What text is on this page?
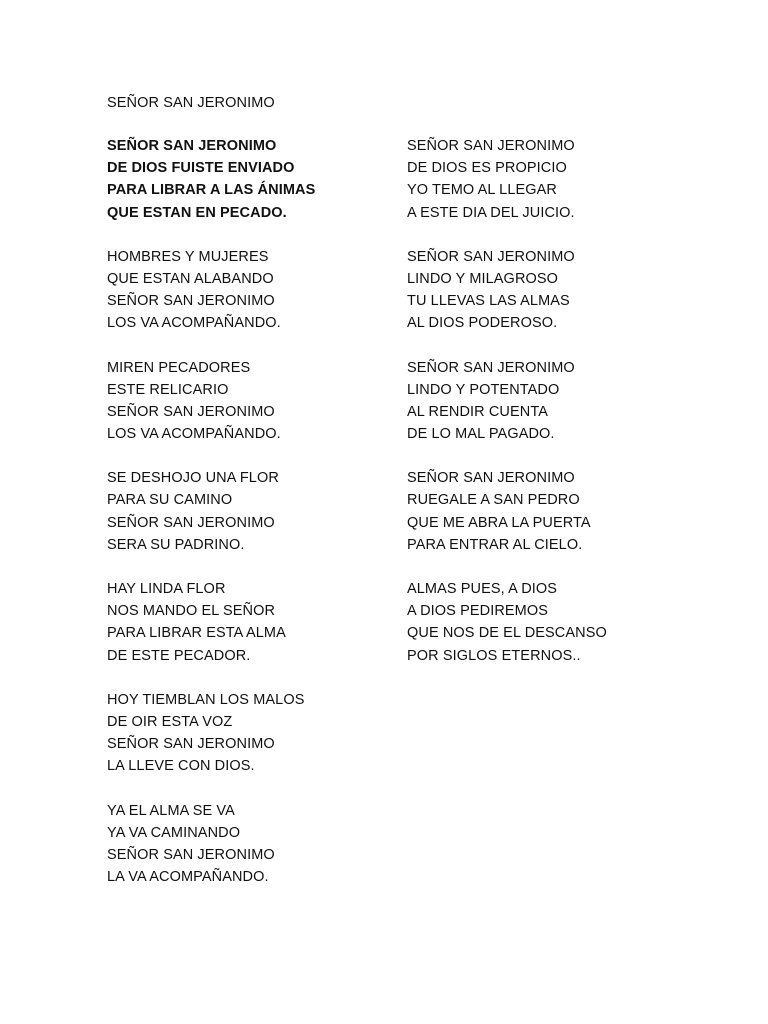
SEÑOR SAN JERONIMO
SEÑOR SAN JERONIMO
DE DIOS FUISTE ENVIADO
PARA LIBRAR A LAS ÁNIMAS
QUE ESTAN EN PECADO.
HOMBRES Y MUJERES
QUE ESTAN ALABANDO
SEÑOR SAN JERONIMO
LOS VA ACOMPAÑANDO.
MIREN PECADORES
ESTE RELICARIO
SEÑOR SAN JERONIMO
LOS VA ACOMPAÑANDO.
SE DESHOJO UNA FLOR
PARA SU CAMINO
SEÑOR SAN JERONIMO
SERA SU PADRINO.
HAY LINDA FLOR
NOS MANDO EL SEÑOR
PARA LIBRAR ESTA ALMA
DE ESTE PECADOR.
HOY TIEMBLAN LOS MALOS
DE OIR ESTA VOZ
SEÑOR SAN JERONIMO
LA LLEVE CON DIOS.
YA EL ALMA SE VA
YA VA CAMINANDO
SEÑOR SAN JERONIMO
LA VA ACOMPAÑANDO.
SEÑOR SAN JERONIMO
DE DIOS ES PROPICIO
YO TEMO AL LLEGAR
A ESTE DIA DEL JUICIO.
SEÑOR SAN JERONIMO
LINDO Y MILAGROSO
TU LLEVAS LAS ALMAS
AL DIOS PODEROSO.
SEÑOR SAN JERONIMO
LINDO Y POTENTADO
AL RENDIR CUENTA
DE LO MAL PAGADO.
SEÑOR SAN JERONIMO
RUEGALE A SAN PEDRO
QUE ME ABRA LA PUERTA
PARA ENTRAR AL CIELO.
ALMAS PUES, A DIOS
A DIOS PEDIREMOS
QUE NOS DE EL DESCANSO
POR SIGLOS ETERNOS..
